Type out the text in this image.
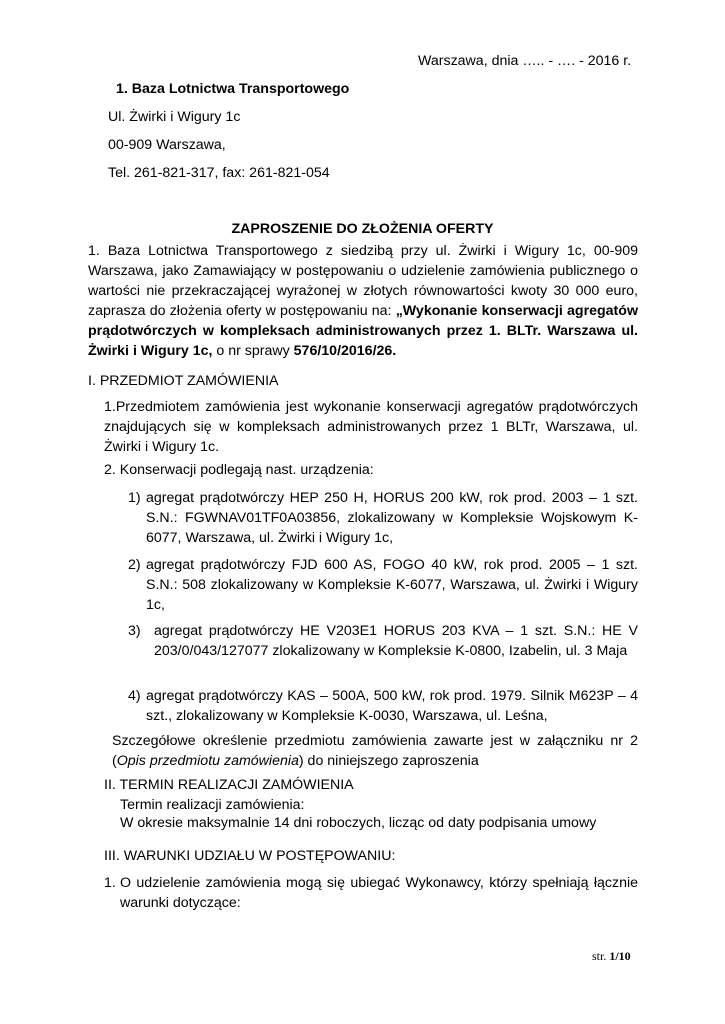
Warszawa, dnia ….. - …. - 2016 r.
1. Baza Lotnictwa Transportowego
Ul. Żwirki i Wigury 1c
00-909 Warszawa,
Tel. 261-821-317, fax: 261-821-054
ZAPROSZENIE DO ZŁOŻENIA OFERTY
1. Baza Lotnictwa Transportowego z siedzibą przy ul. Żwirki i Wigury 1c, 00-909 Warszawa, jako Zamawiający w postępowaniu o udzielenie zamówienia publicznego o wartości nie przekraczającej wyrażonej w złotych równowartości kwoty 30 000 euro, zaprasza do złożenia oferty w postępowaniu na: „Wykonanie konserwacji agregatów prądotwórczych w kompleksach administrowanych przez 1. BLTr. Warszawa ul. Żwirki i Wigury 1c, o nr sprawy 576/10/2016/26.
I. PRZEDMIOT ZAMÓWIENIA
1.Przedmiotem zamówienia jest wykonanie konserwacji agregatów prądotwórczych znajdujących się w kompleksach administrowanych przez 1 BLTr, Warszawa, ul. Żwirki i Wigury 1c.
2. Konserwacji podlegają nast. urządzenia:
1) agregat prądotwórczy HEP 250 H, HORUS 200 kW, rok prod. 2003 – 1 szt. S.N.: FGWNAV01TF0A03856, zlokalizowany w Kompleksie Wojskowym K-6077, Warszawa, ul. Żwirki i Wigury 1c,
2) agregat prądotwórczy FJD 600 AS, FOGO 40 kW, rok prod. 2005 – 1 szt. S.N.: 508 zlokalizowany w Kompleksie K-6077, Warszawa, ul. Żwirki i Wigury 1c,
3) agregat prądotwórczy HE V203E1 HORUS 203 KVA – 1 szt. S.N.: HE V 203/0/043/127077 zlokalizowany w Kompleksie K-0800, Izabelin, ul. 3 Maja
4) agregat prądotwórczy KAS – 500A, 500 kW, rok prod. 1979. Silnik M623P – 4 szt., zlokalizowany w Kompleksie K-0030, Warszawa, ul. Leśna,
Szczegółowe określenie przedmiotu zamówienia zawarte jest w załączniku nr 2 (Opis przedmiotu zamówienia) do niniejszego zaproszenia
II. TERMIN REALIZACJI ZAMÓWIENIA
Termin realizacji zamówienia:
W okresie maksymalnie 14 dni roboczych, licząc od daty podpisania umowy
III. WARUNKI UDZIAŁU W POSTĘPOWANIU:
1. O udzielenie zamówienia mogą się ubiegać Wykonawcy, którzy spełniają łącznie warunki dotyczące:
str. 1/10
